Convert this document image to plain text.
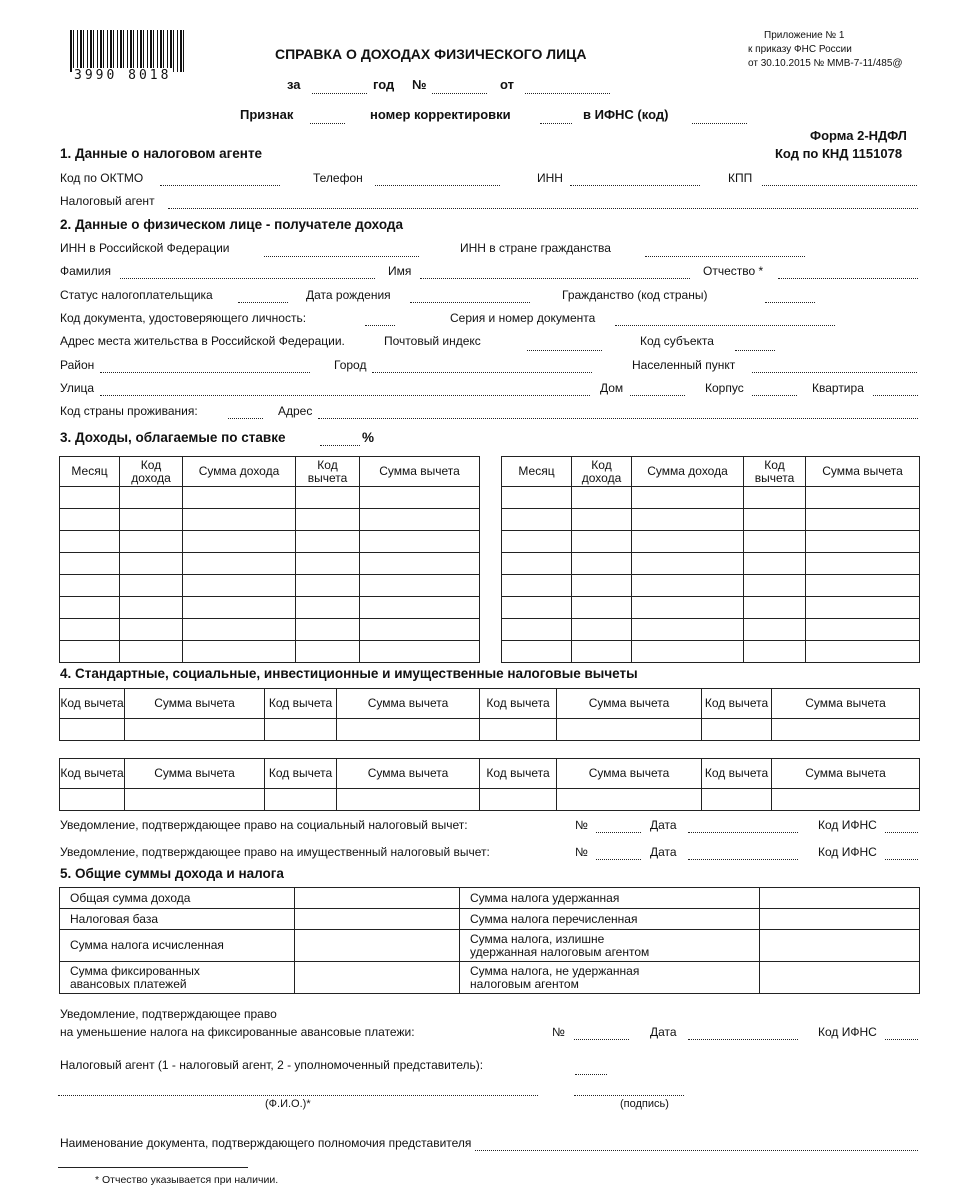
3990 8018
Приложение № 1
к приказу ФНС России
от 30.10.2015 № ММВ-7-11/485@
СПРАВКА О ДОХОДАХ ФИЗИЧЕСКОГО ЛИЦА
за	год №	от
Признак	номер корректировки	в ИФНС (код)
Форма 2-НДФЛ
Код по КНД 1151078
1. Данные о налоговом агенте
Код по ОКТМО	Телефон	ИНН	КПП
Налоговый агент
2. Данные о физическом лице - получателе дохода
ИНН в Российской Федерации	ИНН в стране гражданства
Фамилия	Имя	Отчество *
Статус налогоплательщика	Дата рождения	Гражданство (код страны)
Код документа, удостоверяющего личность:	Серия и номер документа
Адрес места жительства в Российской Федерации.	Почтовый индекс	Код субъекта
Район	Город	Населенный пункт
Улица	Дом	Корпус	Квартира
Код страны проживания:	Адрес
3. Доходы, облагаемые по ставке	%
Месяц	Код дохода	Сумма дохода	Код вычета	Сумма вычета

					Месяц	Код дохода	Сумма дохода	Код вычета	Сумма вычета

4. Стандартные, социальные, инвестиционные и имущественные налоговые вычеты
Код вычета	Сумма вычета	Код вычета	Сумма вычета	Код вычета	Сумма вычета	Код вычета	Сумма вычета

Код вычета	Сумма вычета	Код вычета	Сумма вычета	Код вычета	Сумма вычета	Код вычета	Сумма вычета

Уведомление, подтверждающее право на социальный налоговый вычет:	№	Дата	Код ИФНС
Уведомление, подтверждающее право на имущественный налоговый вычет:	№	Дата	Код ИФНС
5. Общие суммы дохода и налога
Общая сумма дохода		Сумма налога удержанная	
Налоговая база		Сумма налога перечисленная	
Сумма налога исчисленная		Сумма налога, излишне удержанная налоговым агентом	
Сумма фиксированных авансовых платежей		Сумма налога, не удержанная налоговым агентом	
Уведомление, подтверждающее право
на уменьшение налога на фиксированные авансовые платежи:	№	Дата	Код ИФНС
Налоговый агент (1 - налоговый агент, 2 - уполномоченный представитель):
(Ф.И.О.)*	(подпись)
Наименование документа, подтверждающего полномочия представителя
* Отчество указывается при наличии.
